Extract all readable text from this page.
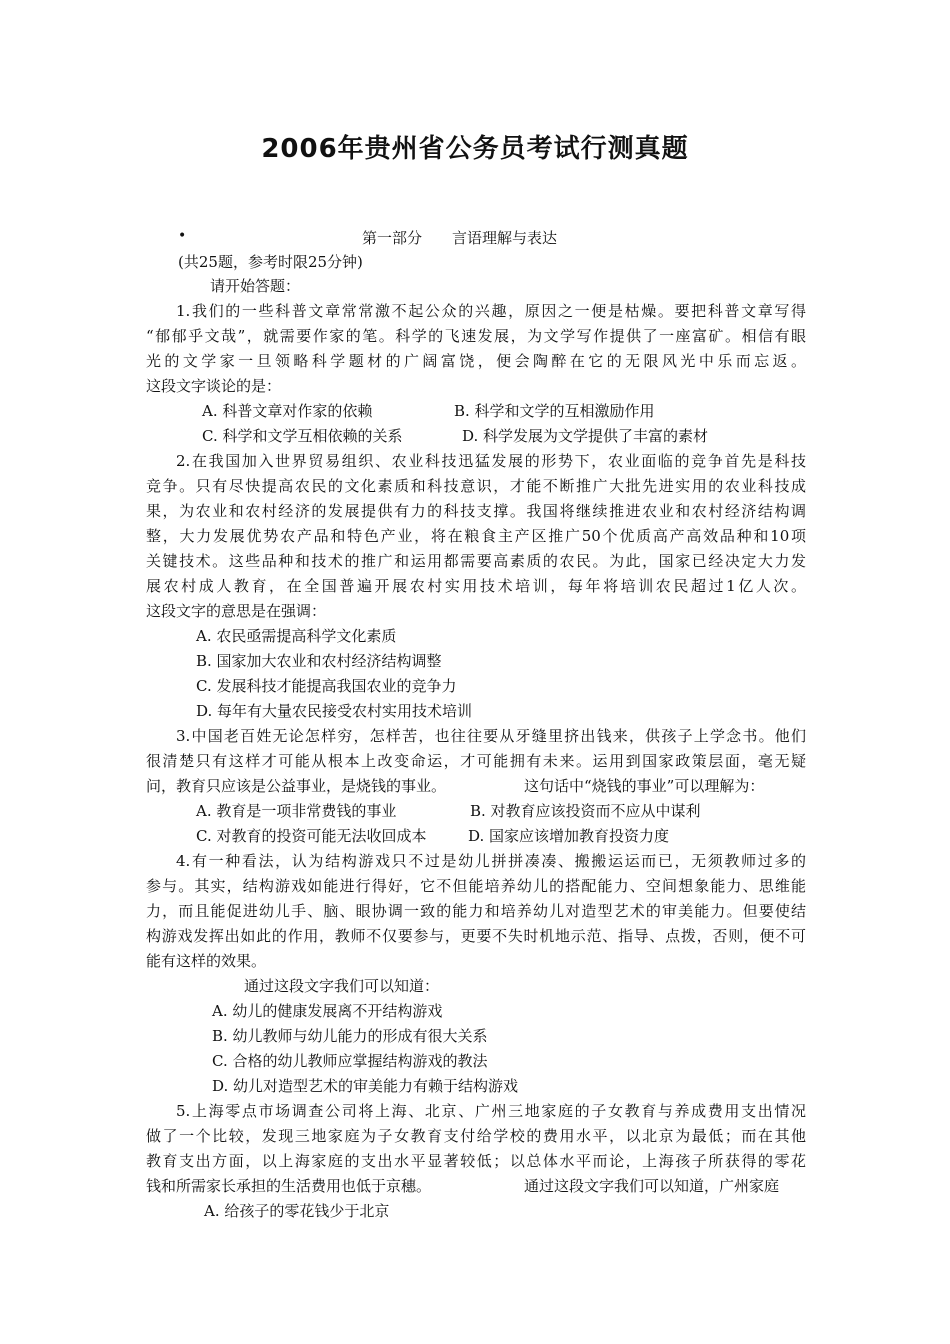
2006年贵州省公务员考试行测真题
•	第一部分 言语理解与表达
(共25题，参考时限25分钟)
请开始答题：
1.我们的一些科普文章常常激不起公众的兴趣，原因之一便是枯燥。要把科普文章写得
“郁郁乎文哉”，就需要作家的笔。科学的飞速发展，为文学写作提供了一座富矿。相信有眼
光的文学家一旦领略科学题材的广阔富饶，便会陶醉在它的无限风光中乐而忘返。
这段文字谈论的是：
A. 科普文章对作家的依赖	B. 科学和文学的互相激励作用
C. 科学和文学互相依赖的关系	D. 科学发展为文学提供了丰富的素材
2.在我国加入世界贸易组织、农业科技迅猛发展的形势下，农业面临的竞争首先是科技
竞争。只有尽快提高农民的文化素质和科技意识，才能不断推广大批先进实用的农业科技成
果，为农业和农村经济的发展提供有力的科技支撑。我国将继续推进农业和农村经济结构调
整，大力发展优势农产品和特色产业，将在粮食主产区推广50个优质高产高效品种和10项
关键技术。这些品种和技术的推广和运用都需要高素质的农民。为此，国家已经决定大力发
展农村成人教育，在全国普遍开展农村实用技术培训，每年将培训农民超过1亿人次。
这段文字的意思是在强调：
A. 农民亟需提高科学文化素质
B. 国家加大农业和农村经济结构调整
C. 发展科技才能提高我国农业的竞争力
D. 每年有大量农民接受农村实用技术培训
3.中国老百姓无论怎样穷，怎样苦，也往往要从牙缝里挤出钱来，供孩子上学念书。他们
很清楚只有这样才可能从根本上改变命运，才可能拥有未来。运用到国家政策层面，毫无疑
问，教育只应该是公益事业，是烧钱的事业。	这句话中“烧钱的事业”可以理解为：
A. 教育是一项非常费钱的事业	B. 对教育应该投资而不应从中谋利
C. 对教育的投资可能无法收回成本	D. 国家应该增加教育投资力度
4.有一种看法，认为结构游戏只不过是幼儿拼拼凑凑、搬搬运运而已，无须教师过多的
参与。其实，结构游戏如能进行得好，它不但能培养幼儿的搭配能力、空间想象能力、思维能
力，而且能促进幼儿手、脑、眼协调一致的能力和培养幼儿对造型艺术的审美能力。但要使结
构游戏发挥出如此的作用，教师不仅要参与，更要不失时机地示范、指导、点拨，否则，便不可
能有这样的效果。
通过这段文字我们可以知道：
A. 幼儿的健康发展离不开结构游戏
B. 幼儿教师与幼儿能力的形成有很大关系
C. 合格的幼儿教师应掌握结构游戏的教法
D. 幼儿对造型艺术的审美能力有赖于结构游戏
5.上海零点市场调查公司将上海、北京、广州三地家庭的子女教育与养成费用支出情况
做了一个比较，发现三地家庭为子女教育支付给学校的费用水平，以北京为最低；而在其他
教育支出方面，以上海家庭的支出水平显著较低；以总体水平而论，上海孩子所获得的零花
钱和所需家长承担的生活费用也低于京穗。	通过这段文字我们可以知道，广州家庭
A. 给孩子的零花钱少于北京
